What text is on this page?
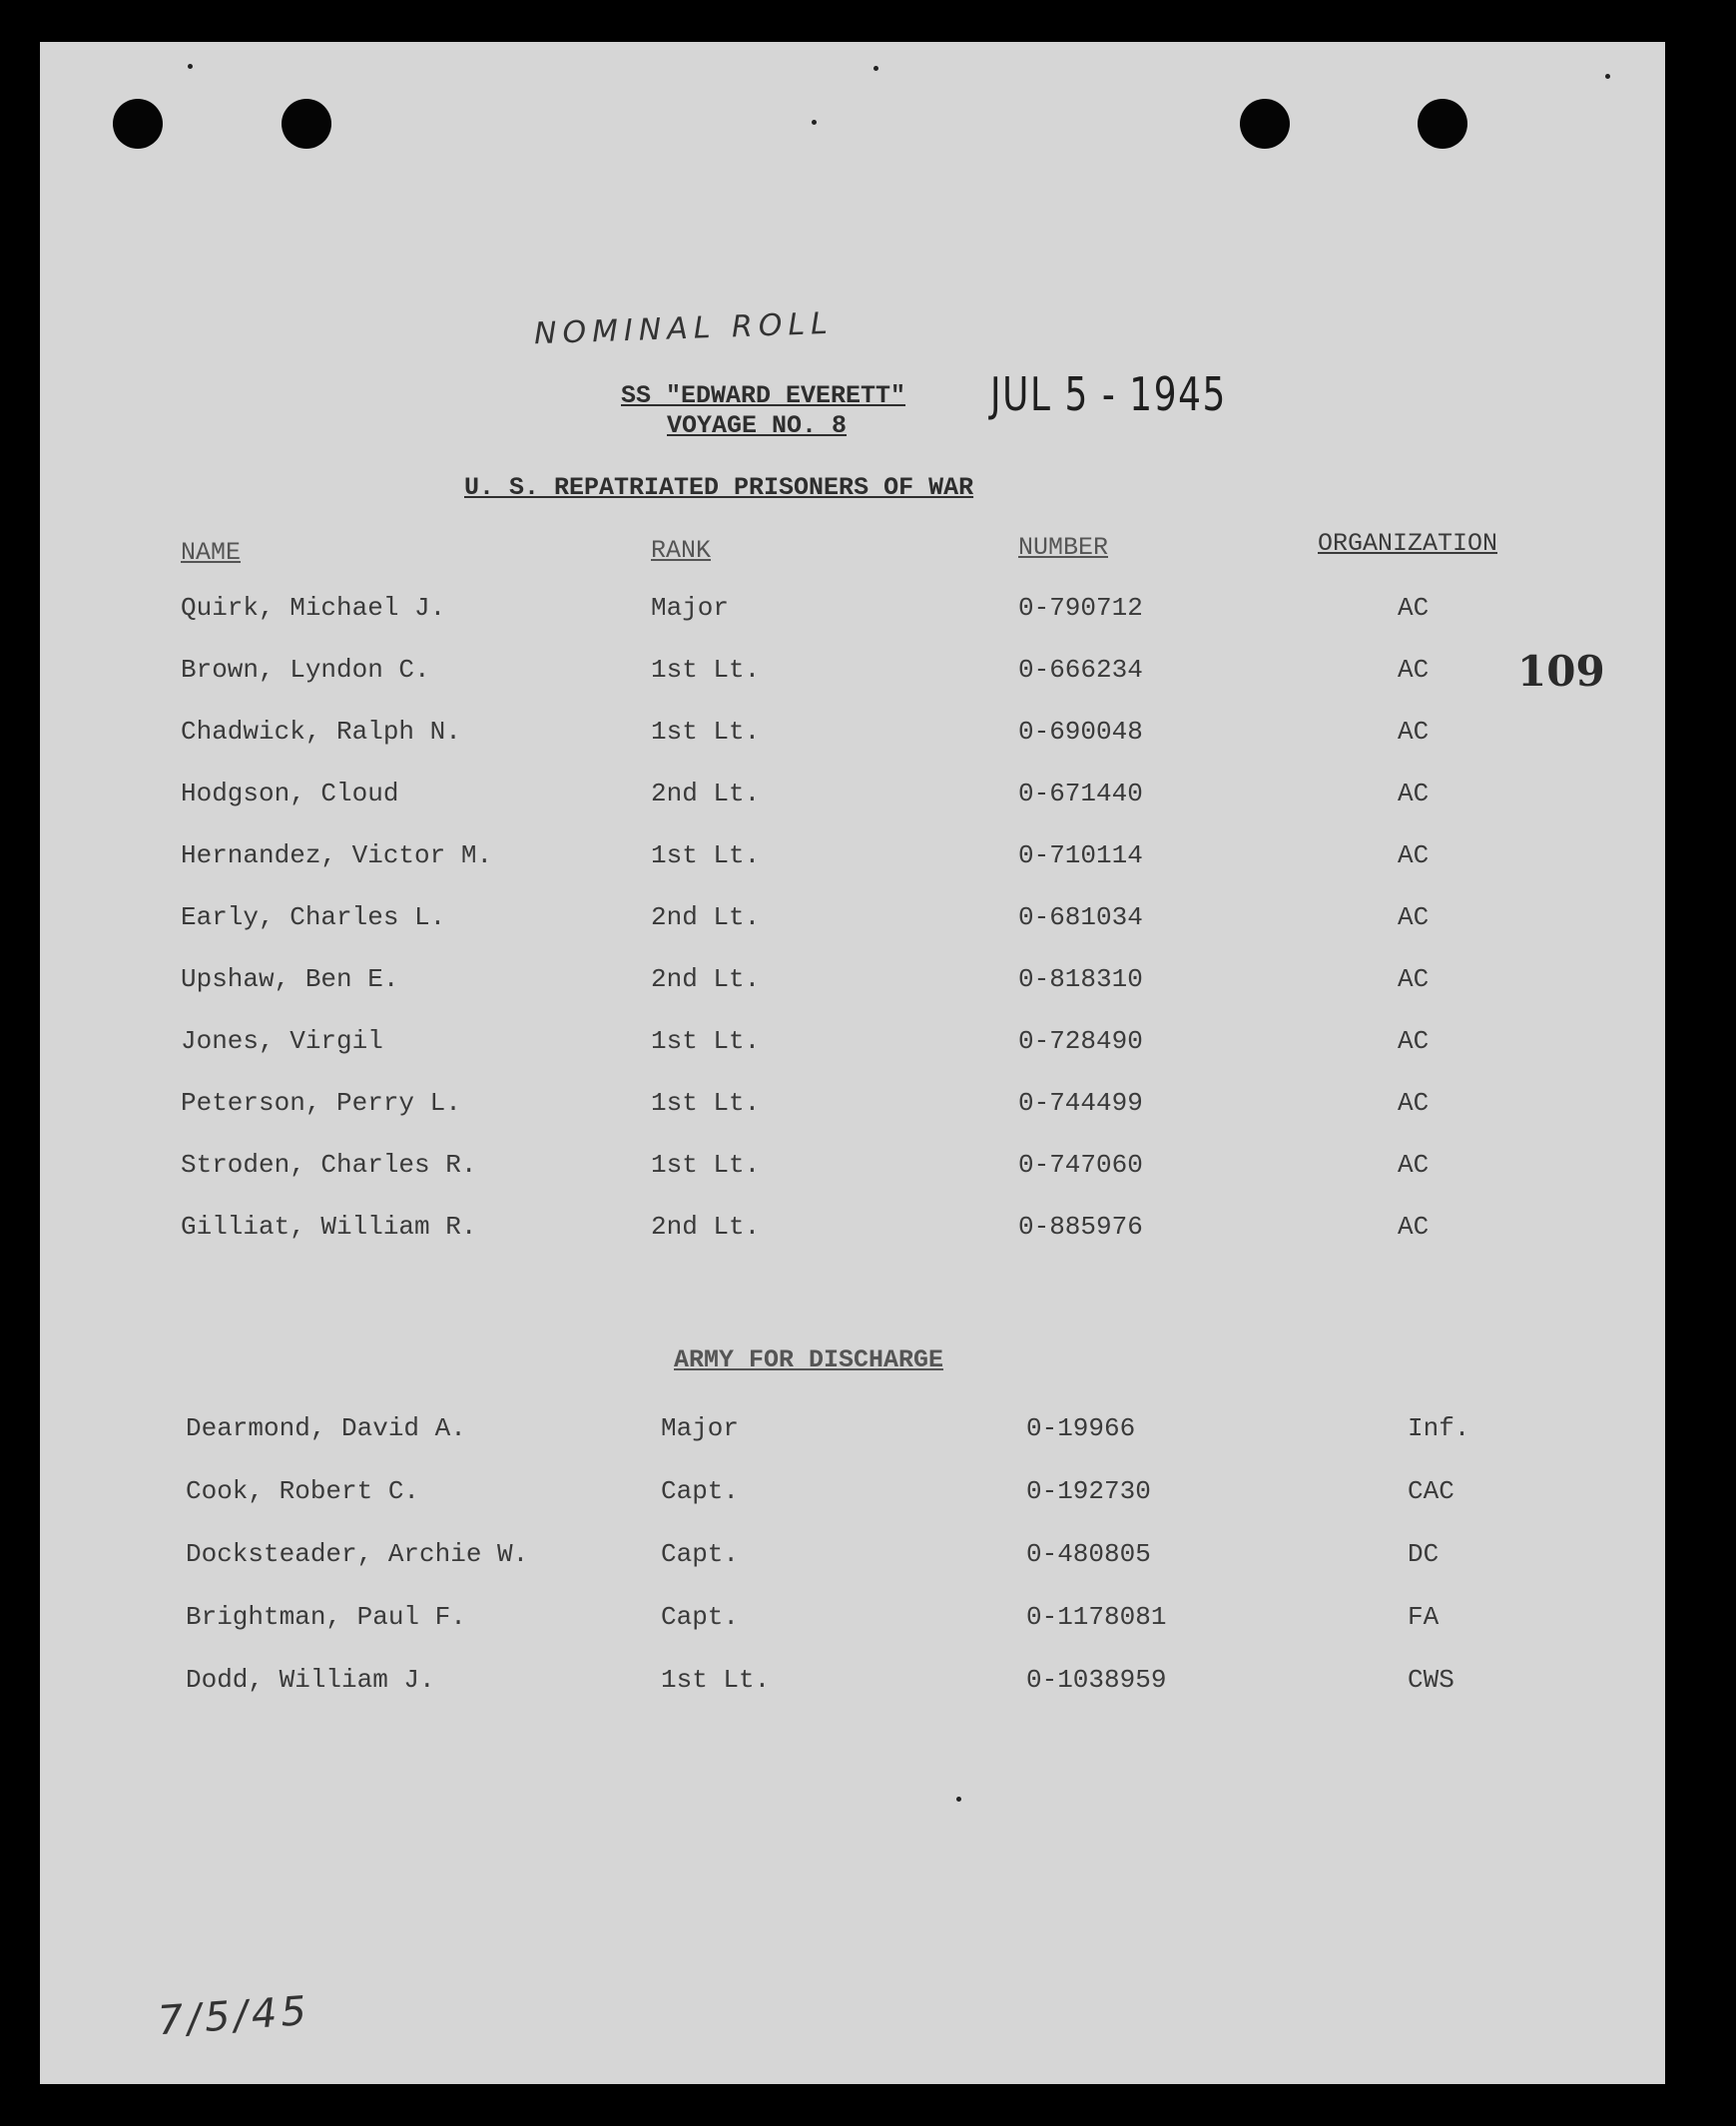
NOMINAL ROLL
SS "EDWARD EVERETT"
VOYAGE NO. 8
JUL 5 - 1945
109
U. S. REPATRIATED PRISONERS OF WAR
NAME	RANK	NUMBER	ORGANIZATION
Quirk, Michael J.	Major	0-790712	AC
Brown, Lyndon C.	1st Lt.	0-666234	AC
Chadwick, Ralph N.	1st Lt.	0-690048	AC
Hodgson, Cloud	2nd Lt.	0-671440	AC
Hernandez, Victor M.	1st Lt.	0-710114	AC
Early, Charles L.	2nd Lt.	0-681034	AC
Upshaw, Ben E.	2nd Lt.	0-818310	AC
Jones, Virgil	1st Lt.	0-728490	AC
Peterson, Perry L.	1st Lt.	0-744499	AC
Stroden, Charles R.	1st Lt.	0-747060	AC
Gilliat, William R.	2nd Lt.	0-885976	AC
ARMY FOR DISCHARGE
Dearmond, David A.	Major	0-19966	Inf.
Cook, Robert C.	Capt.	0-192730	CAC
Docksteader, Archie W.	Capt.	0-480805	DC
Brightman, Paul F.	Capt.	0-1178081	FA
Dodd, William J.	1st Lt.	0-1038959	CWS
7/5/45
